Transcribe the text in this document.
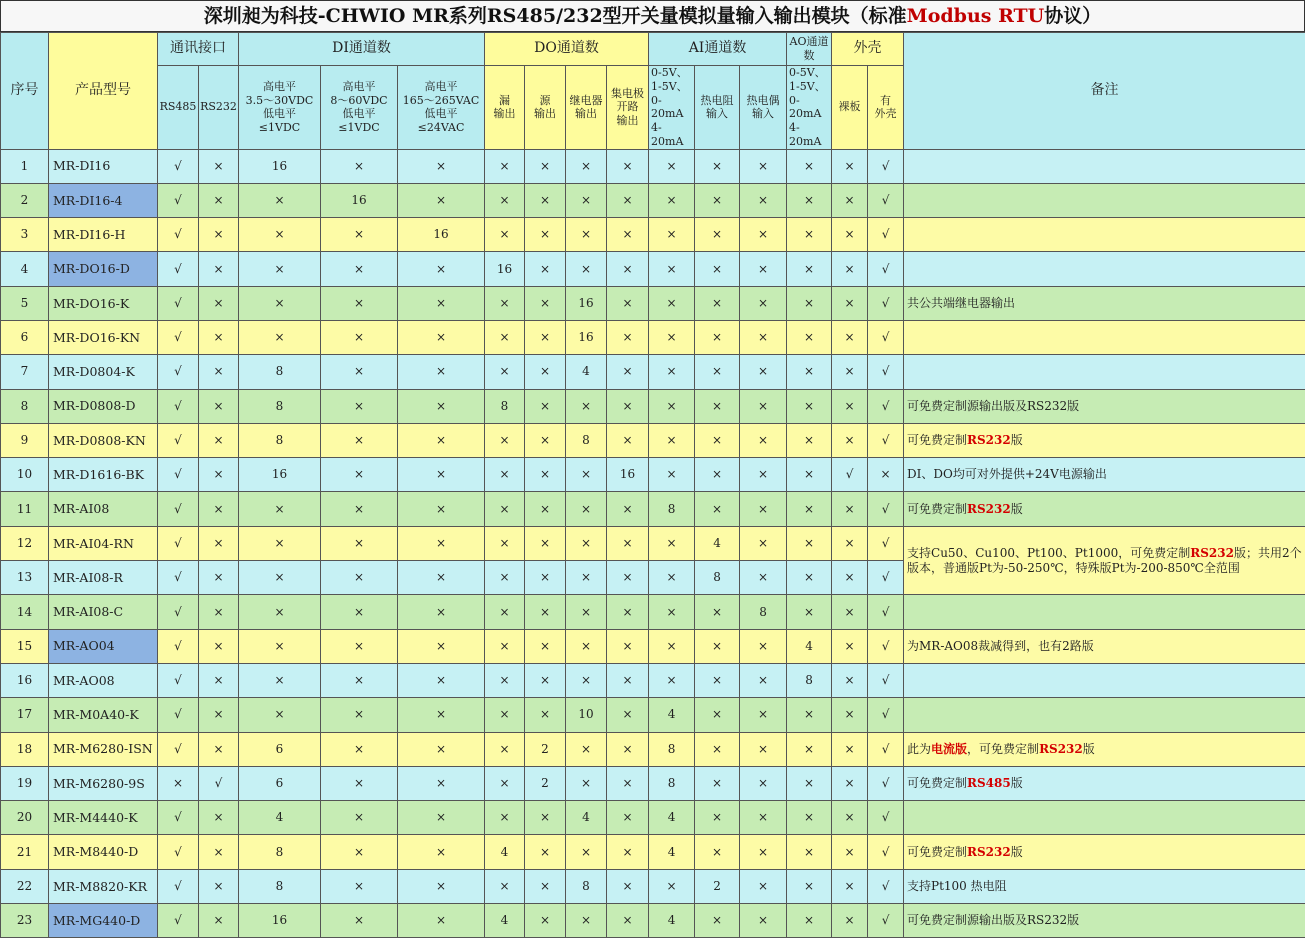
深圳昶为科技-CHWIO MR系列RS485/232型开关量模拟量输入输出模块（标准Modbus RTU协议）
序号	产品型号	通讯接口		DI通道数			DO通道数				AI通道数			AO通道数	外壳		备注
		RS485	RS232	高电平
3.5～30VDC
低电平
≤1VDC	高电平
8～60VDC
低电平
≤1VDC	高电平
165～265VAC
低电平
≤24VAC	漏
输出	源
输出	继电器
输出	集电极
开路
输出	0-5V、
1-5V、
0-20mA
4-20mA	热电阻
输入	热电偶
输入	0-5V、
1-5V、
0-20mA
4-20mA	裸板	有
外壳	
1	MR-DI16	√	×	16	×	×	×	×	×	×	×	×	×	×	×	√	
2	MR-DI16-4	√	×	×	16	×	×	×	×	×	×	×	×	×	×	√	
3	MR-DI16-H	√	×	×	×	16	×	×	×	×	×	×	×	×	×	√	
4	MR-DO16-D	√	×	×	×	×	16	×	×	×	×	×	×	×	×	√	
5	MR-DO16-K	√	×	×	×	×	×	×	16	×	×	×	×	×	×	√	共公共端继电器输出
6	MR-DO16-KN	√	×	×	×	×	×	×	16	×	×	×	×	×	×	√	
7	MR-D0804-K	√	×	8	×	×	×	×	4	×	×	×	×	×	×	√	
8	MR-D0808-D	√	×	8	×	×	8	×	×	×	×	×	×	×	×	√	可免费定制源输出版及RS232版
9	MR-D0808-KN	√	×	8	×	×	×	×	8	×	×	×	×	×	×	√	可免费定制RS232版
10	MR-D1616-BK	√	×	16	×	×	×	×	×	16	×	×	×	×	√	×	DI、DO均可对外提供+24V电源输出
11	MR-AI08	√	×	×	×	×	×	×	×	×	8	×	×	×	×	√	可免费定制RS232版
12	MR-AI04-RN	√	×	×	×	×	×	×	×	×	×	4	×	×	×	√	支持Cu50、Cu100、Pt100、Pt1000，可免费定制RS232版；共用2个版本，普通版Pt为-50-250℃，特殊版Pt为-200-850℃全范围
13	MR-AI08-R	√	×	×	×	×	×	×	×	×	×	8	×	×	×	√	
14	MR-AI08-C	√	×	×	×	×	×	×	×	×	×	×	8	×	×	√	
15	MR-AO04	√	×	×	×	×	×	×	×	×	×	×	×	4	×	√	为MR-AO08裁减得到，也有2路版
16	MR-AO08	√	×	×	×	×	×	×	×	×	×	×	×	8	×	√	
17	MR-M0A40-K	√	×	×	×	×	×	×	10	×	4	×	×	×	×	√	
18	MR-M6280-ISN	√	×	6	×	×	×	2	×	×	8	×	×	×	×	√	此为电流版，可免费定制RS232版
19	MR-M6280-9S	×	√	6	×	×	×	2	×	×	8	×	×	×	×	√	可免费定制RS485版
20	MR-M4440-K	√	×	4	×	×	×	×	4	×	4	×	×	×	×	√	
21	MR-M8440-D	√	×	8	×	×	4	×	×	×	4	×	×	×	×	√	可免费定制RS232版
22	MR-M8820-KR	√	×	8	×	×	×	×	8	×	×	2	×	×	×	√	支持Pt100 热电阻
23	MR-MG440-D	√	×	16	×	×	4	×	×	×	4	×	×	×	×	√	可免费定制源输出版及RS232版
